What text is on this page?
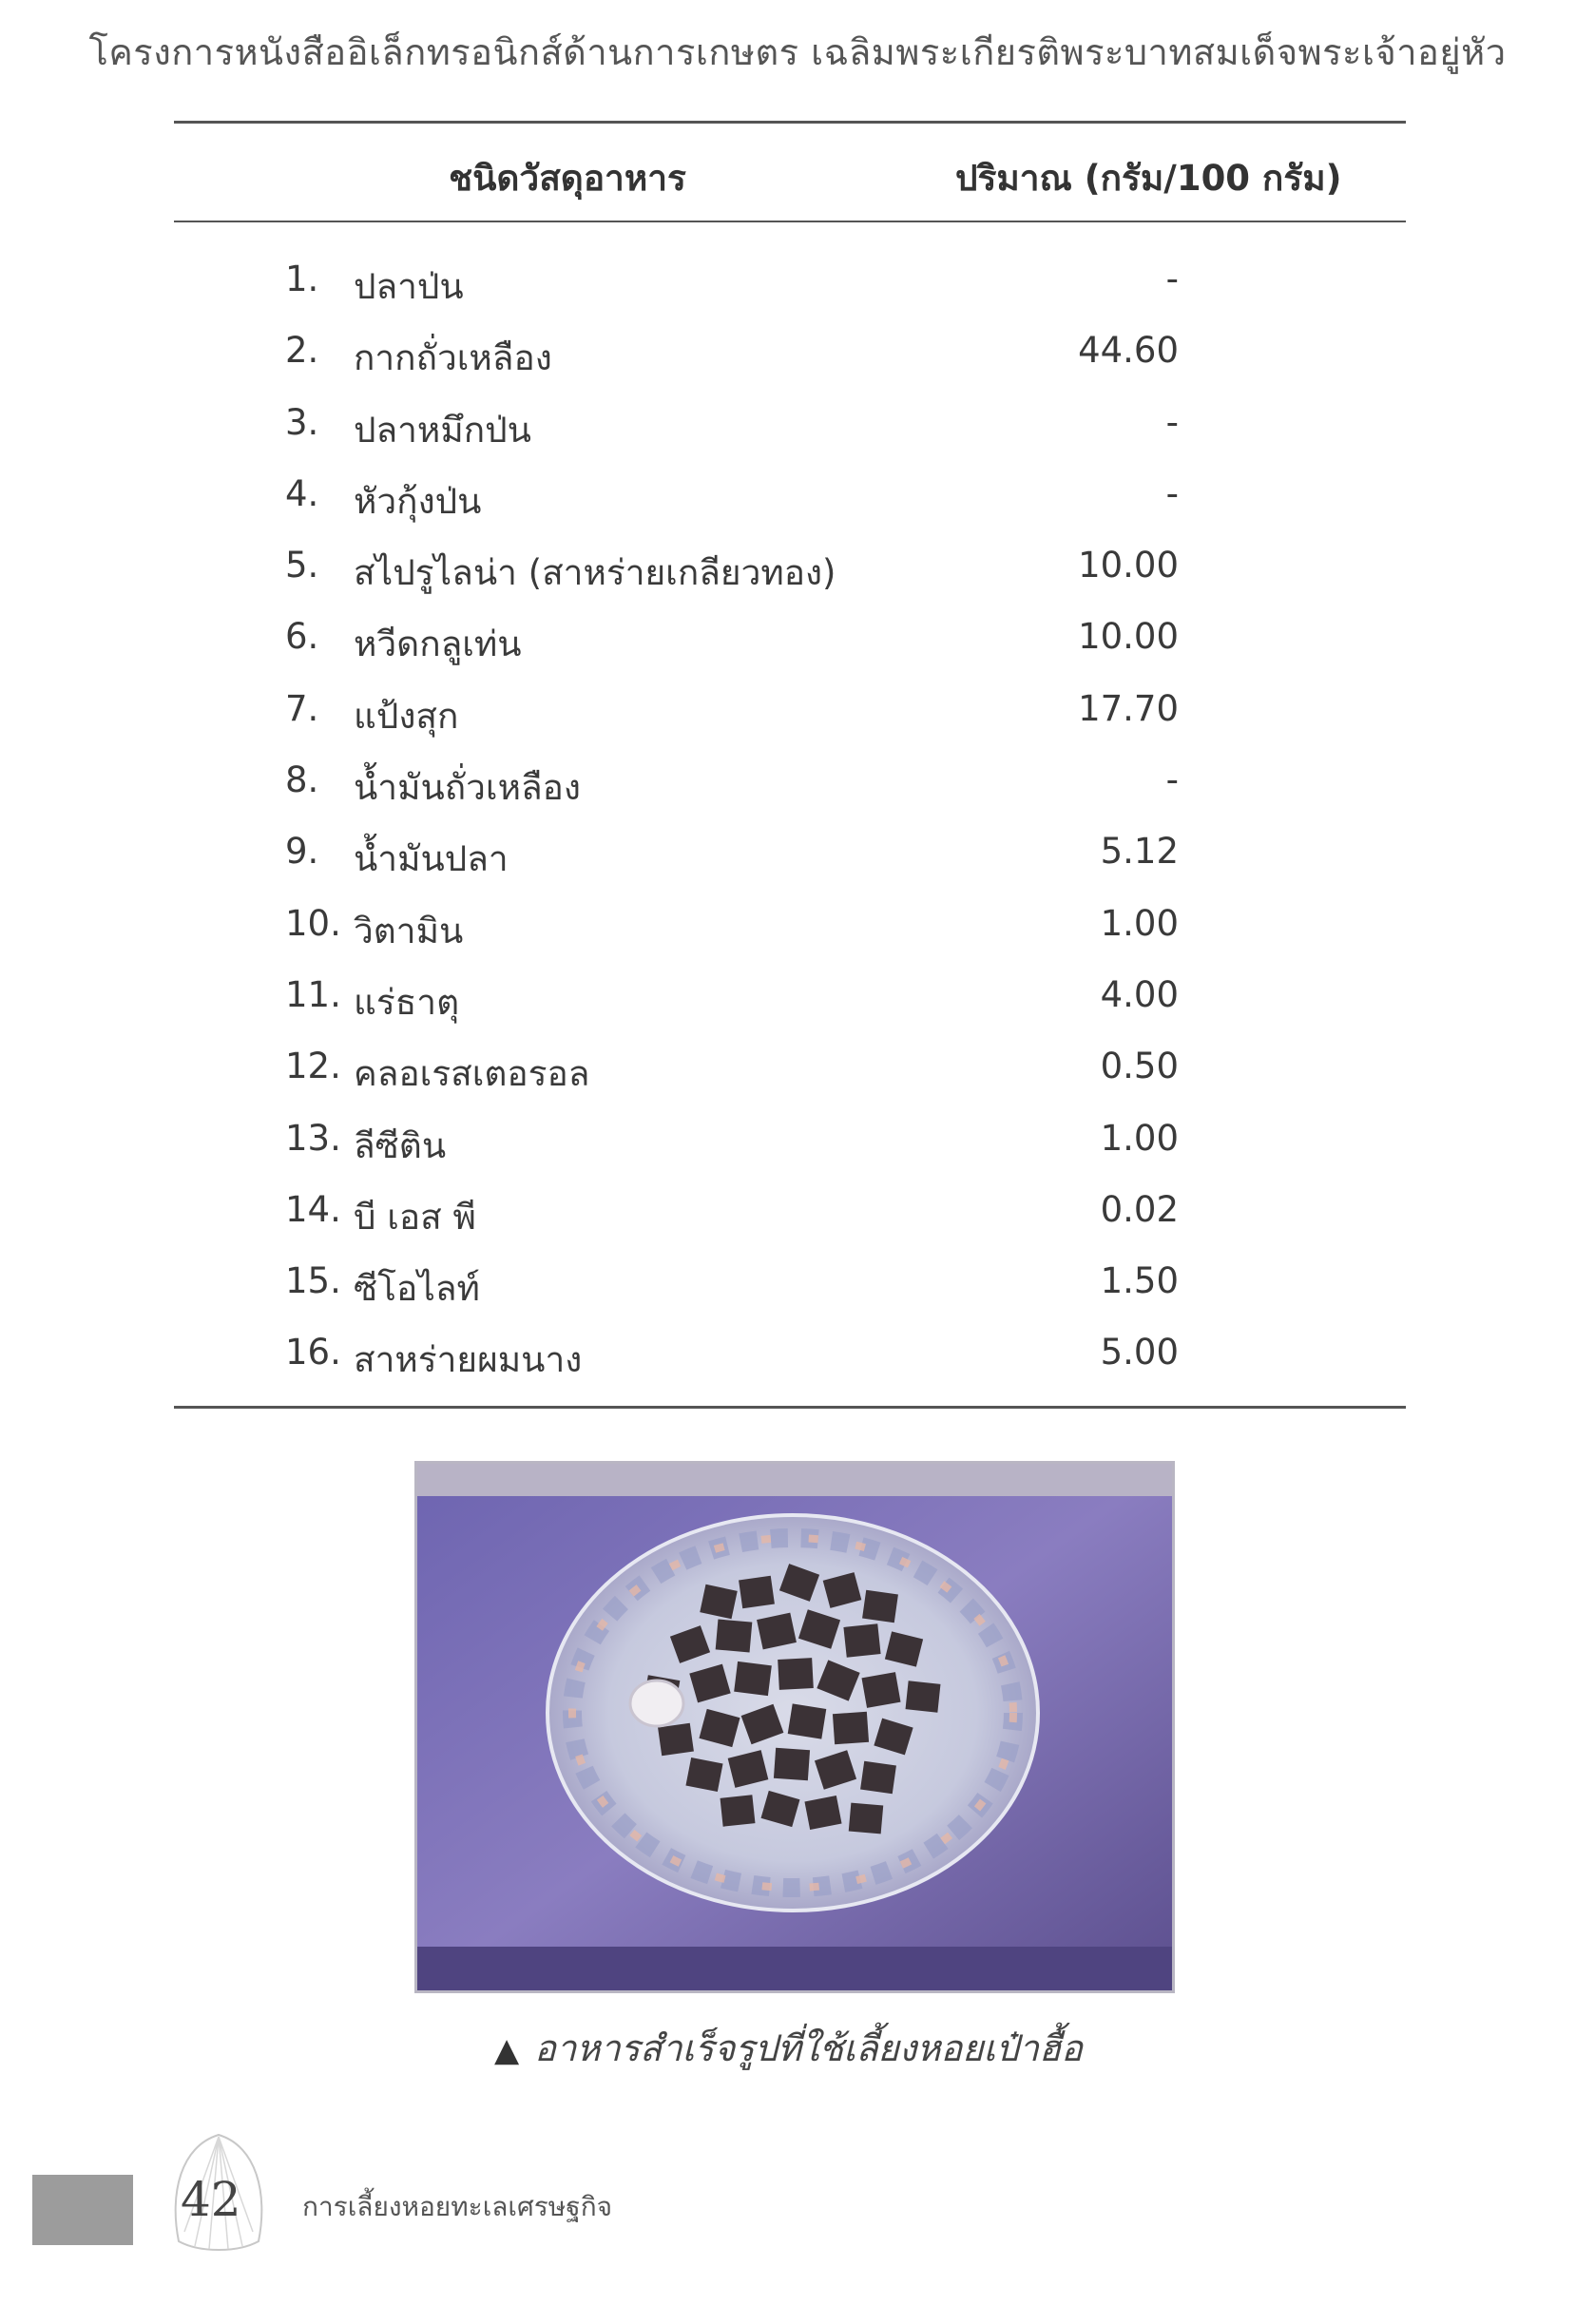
โครงการหนังสืออิเล็กทรอนิกส์ด้านการเกษตร เฉลิมพระเกียรติพระบาทสมเด็จพระเจ้าอยู่หัว
ชนิดวัสดุอาหาร	ปริมาณ (กรัม/100 กรัม)
1. ปลาป่น	-
2. กากถั่วเหลือง	44.60
3. ปลาหมึกป่น	-
4. หัวกุ้งป่น	-
5. สไปรูไลน่า (สาหร่ายเกลียวทอง)	10.00
6. หวีดกลูเท่น	10.00
7. แป้งสุก	17.70
8. น้ำมันถั่วเหลือง	-
9. น้ำมันปลา	5.12
10. วิตามิน	1.00
11. แร่ธาตุ	4.00
12. คลอเรสเตอรอล	0.50
13. ลีซีติน	1.00
14. บี เอส พี	0.02
15. ซีโอไลท์	1.50
16. สาหร่ายผมนาง	5.00
▲ อาหารสำเร็จรูปที่ใช้เลี้ยงหอยเป๋าฮื้อ
42 การเลี้ยงหอยทะเลเศรษฐกิจ
